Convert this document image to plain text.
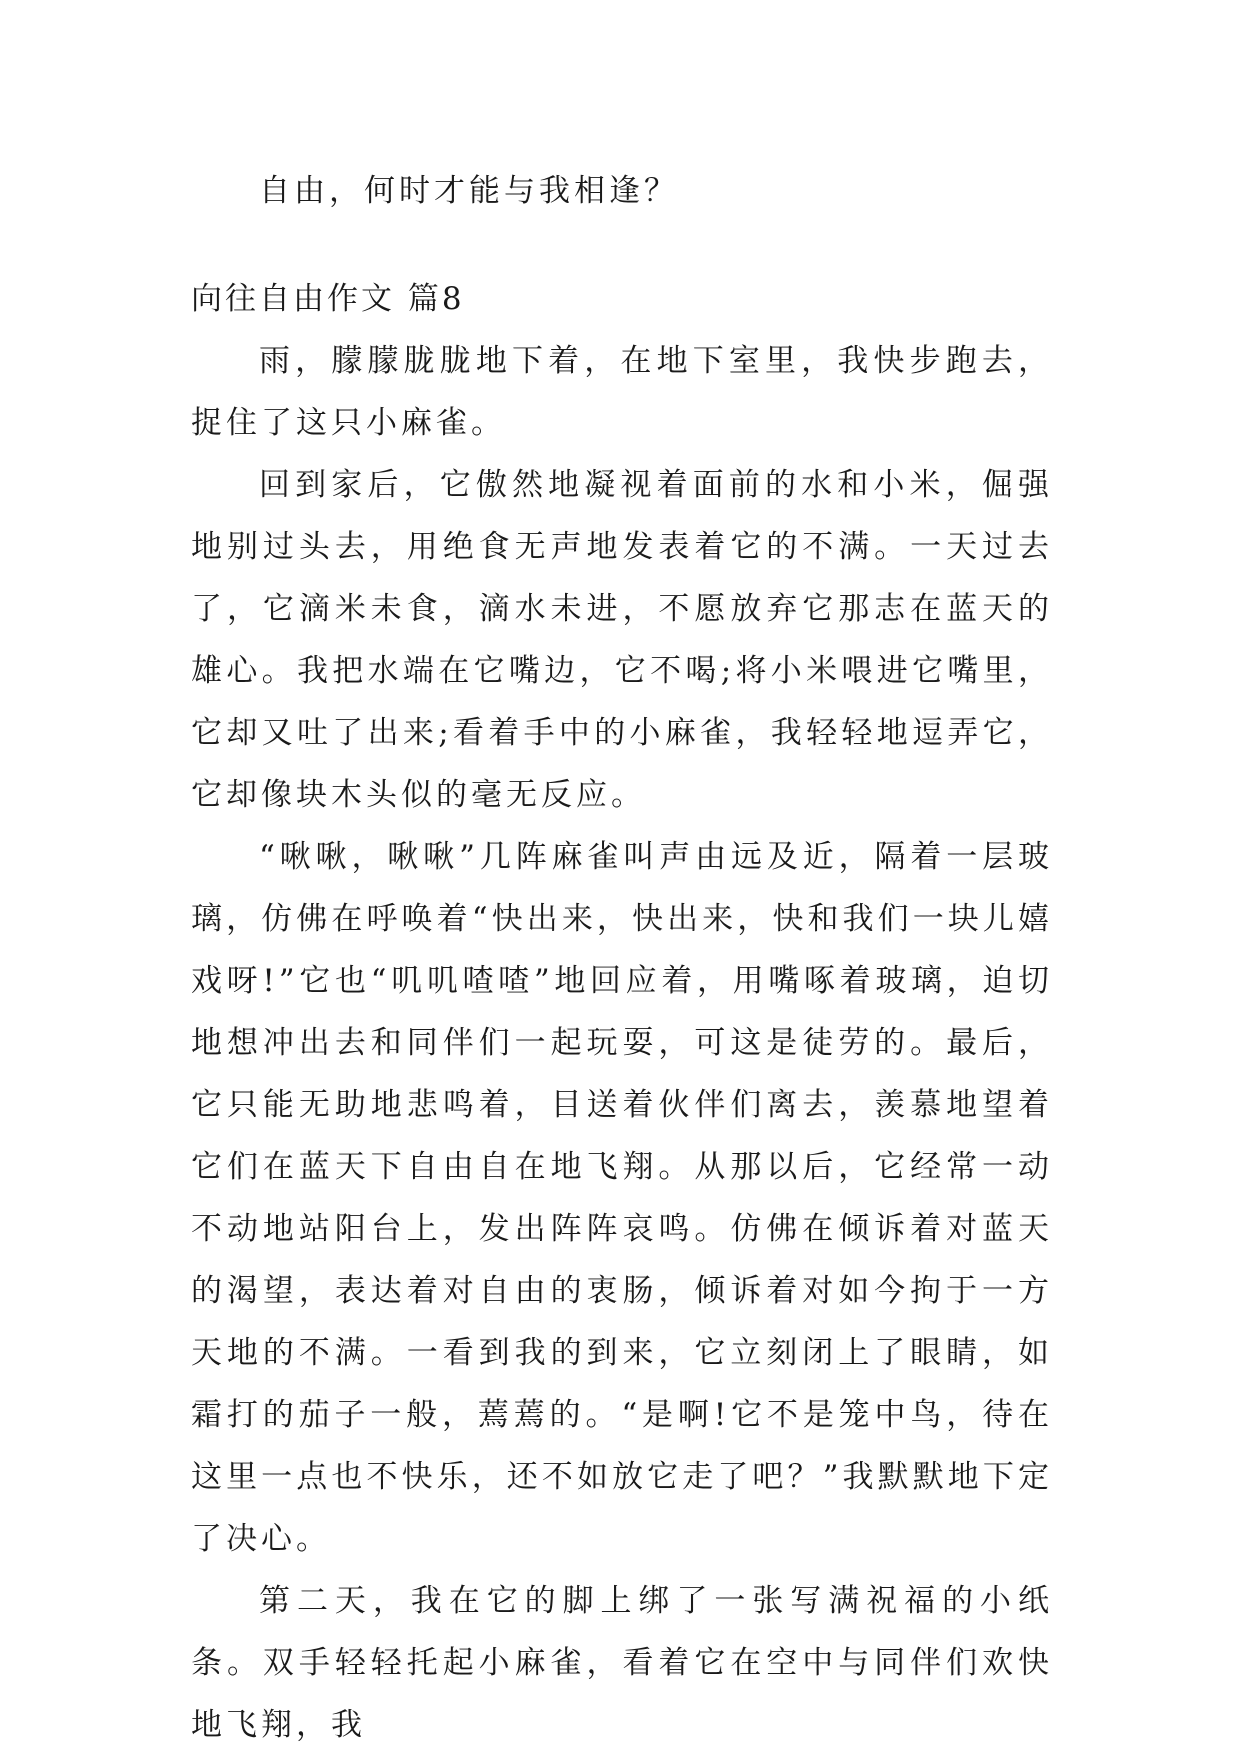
自由，何时才能与我相逢？

向往自由作文 篇8

雨，朦朦胧胧地下着，在地下室里，我快步跑去，捉住了这只小麻雀。

回到家后，它傲然地凝视着面前的水和小米，倔强地别过头去，用绝食无声地发表着它的不满。一天过去了，它滴米未食，滴水未进，不愿放弃它那志在蓝天的雄心。我把水端在它嘴边，它不喝;将小米喂进它嘴里，它却又吐了出来;看着手中的小麻雀，我轻轻地逗弄它，它却像块木头似的毫无反应。

“啾啾，啾啾”几阵麻雀叫声由远及近，隔着一层玻璃，仿佛在呼唤着“快出来，快出来，快和我们一块儿嬉戏呀!”它也“叽叽喳喳”地回应着，用嘴啄着玻璃，迫切地想冲出去和同伴们一起玩耍，可这是徒劳的。最后，它只能无助地悲鸣着，目送着伙伴们离去，羡慕地望着它们在蓝天下自由自在地飞翔。从那以后，它经常一动不动地站阳台上，发出阵阵哀鸣。仿佛在倾诉着对蓝天的渴望，表达着对自由的衷肠，倾诉着对如今拘于一方天地的不满。一看到我的到来，它立刻闭上了眼睛，如霜打的茄子一般，蔫蔫的。“是啊!它不是笼中鸟，待在这里一点也不快乐，还不如放它走了吧？”我默默地下定了决心。

第二天，我在它的脚上绑了一张写满祝福的小纸条。双手轻轻托起小麻雀，看着它在空中与同伴们欢快地飞翔，我
